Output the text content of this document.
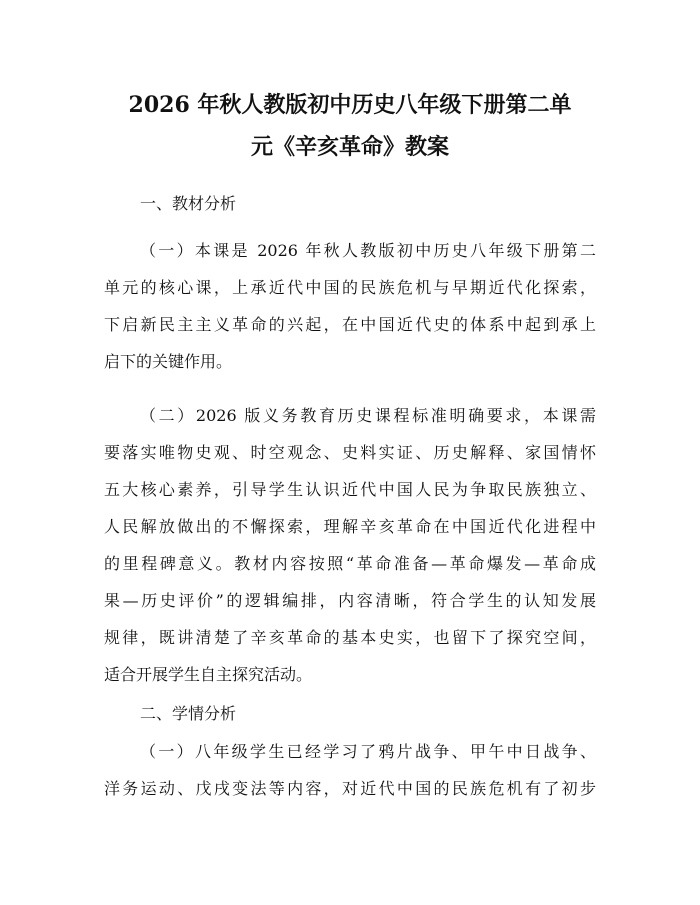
2026 年秋人教版初中历史八年级下册第二单
元《辛亥革命》教案
一、教材分析
（一）本课是 2026 年秋人教版初中历史八年级下册第二
单元的核心课，上承近代中国的民族危机与早期近代化探索，
下启新民主主义革命的兴起，在中国近代史的体系中起到承上
启下的关键作用。
（二）2026 版义务教育历史课程标准明确要求，本课需
要落实唯物史观、时空观念、史料实证、历史解释、家国情怀
五大核心素养，引导学生认识近代中国人民为争取民族独立、
人民解放做出的不懈探索，理解辛亥革命在中国近代化进程中
的里程碑意义。教材内容按照“革命准备—革命爆发—革命成
果—历史评价”的逻辑编排，内容清晰，符合学生的认知发展
规律，既讲清楚了辛亥革命的基本史实，也留下了探究空间，
适合开展学生自主探究活动。
二、学情分析
（一）八年级学生已经学习了鸦片战争、甲午中日战争、
洋务运动、戊戌变法等内容，对近代中国的民族危机有了初步
